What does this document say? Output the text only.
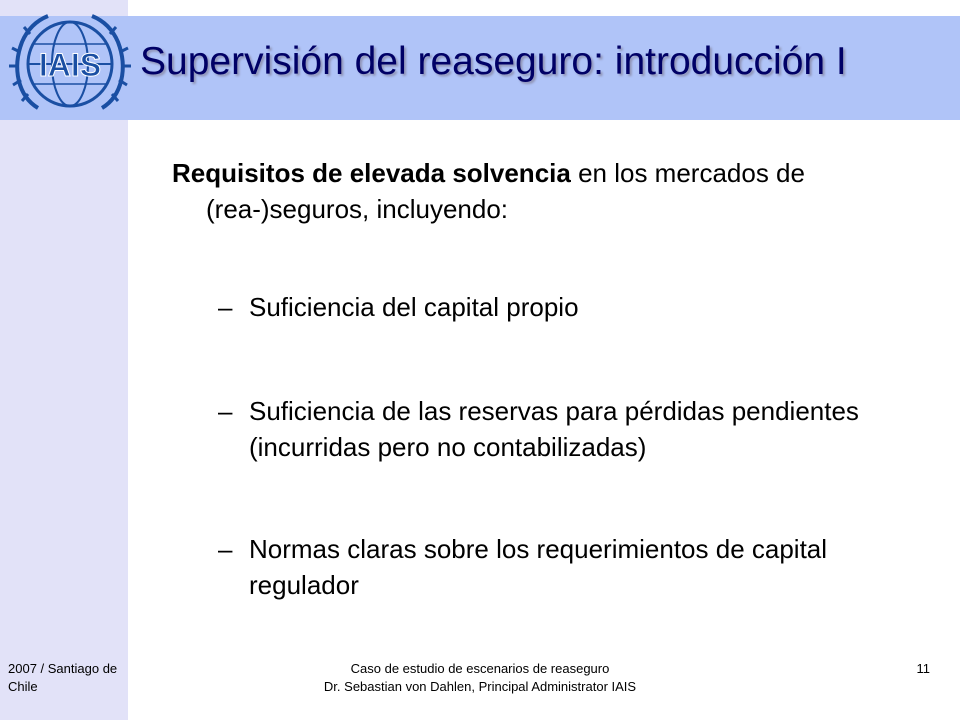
IAIS Supervisión del reaseguro: introducción I

Requisitos de elevada solvencia en los mercados de (rea-)seguros, incluyendo:

– Suficiencia del capital propio
– Suficiencia de las reservas para pérdidas pendientes (incurridas pero no contabilizadas)
– Normas claras sobre los requerimientos de capital regulador
2007 / Santiago de Chile
Caso de estudio de escenarios de reaseguro
Dr. Sebastian von Dahlen, Principal Administrator IAIS
11
